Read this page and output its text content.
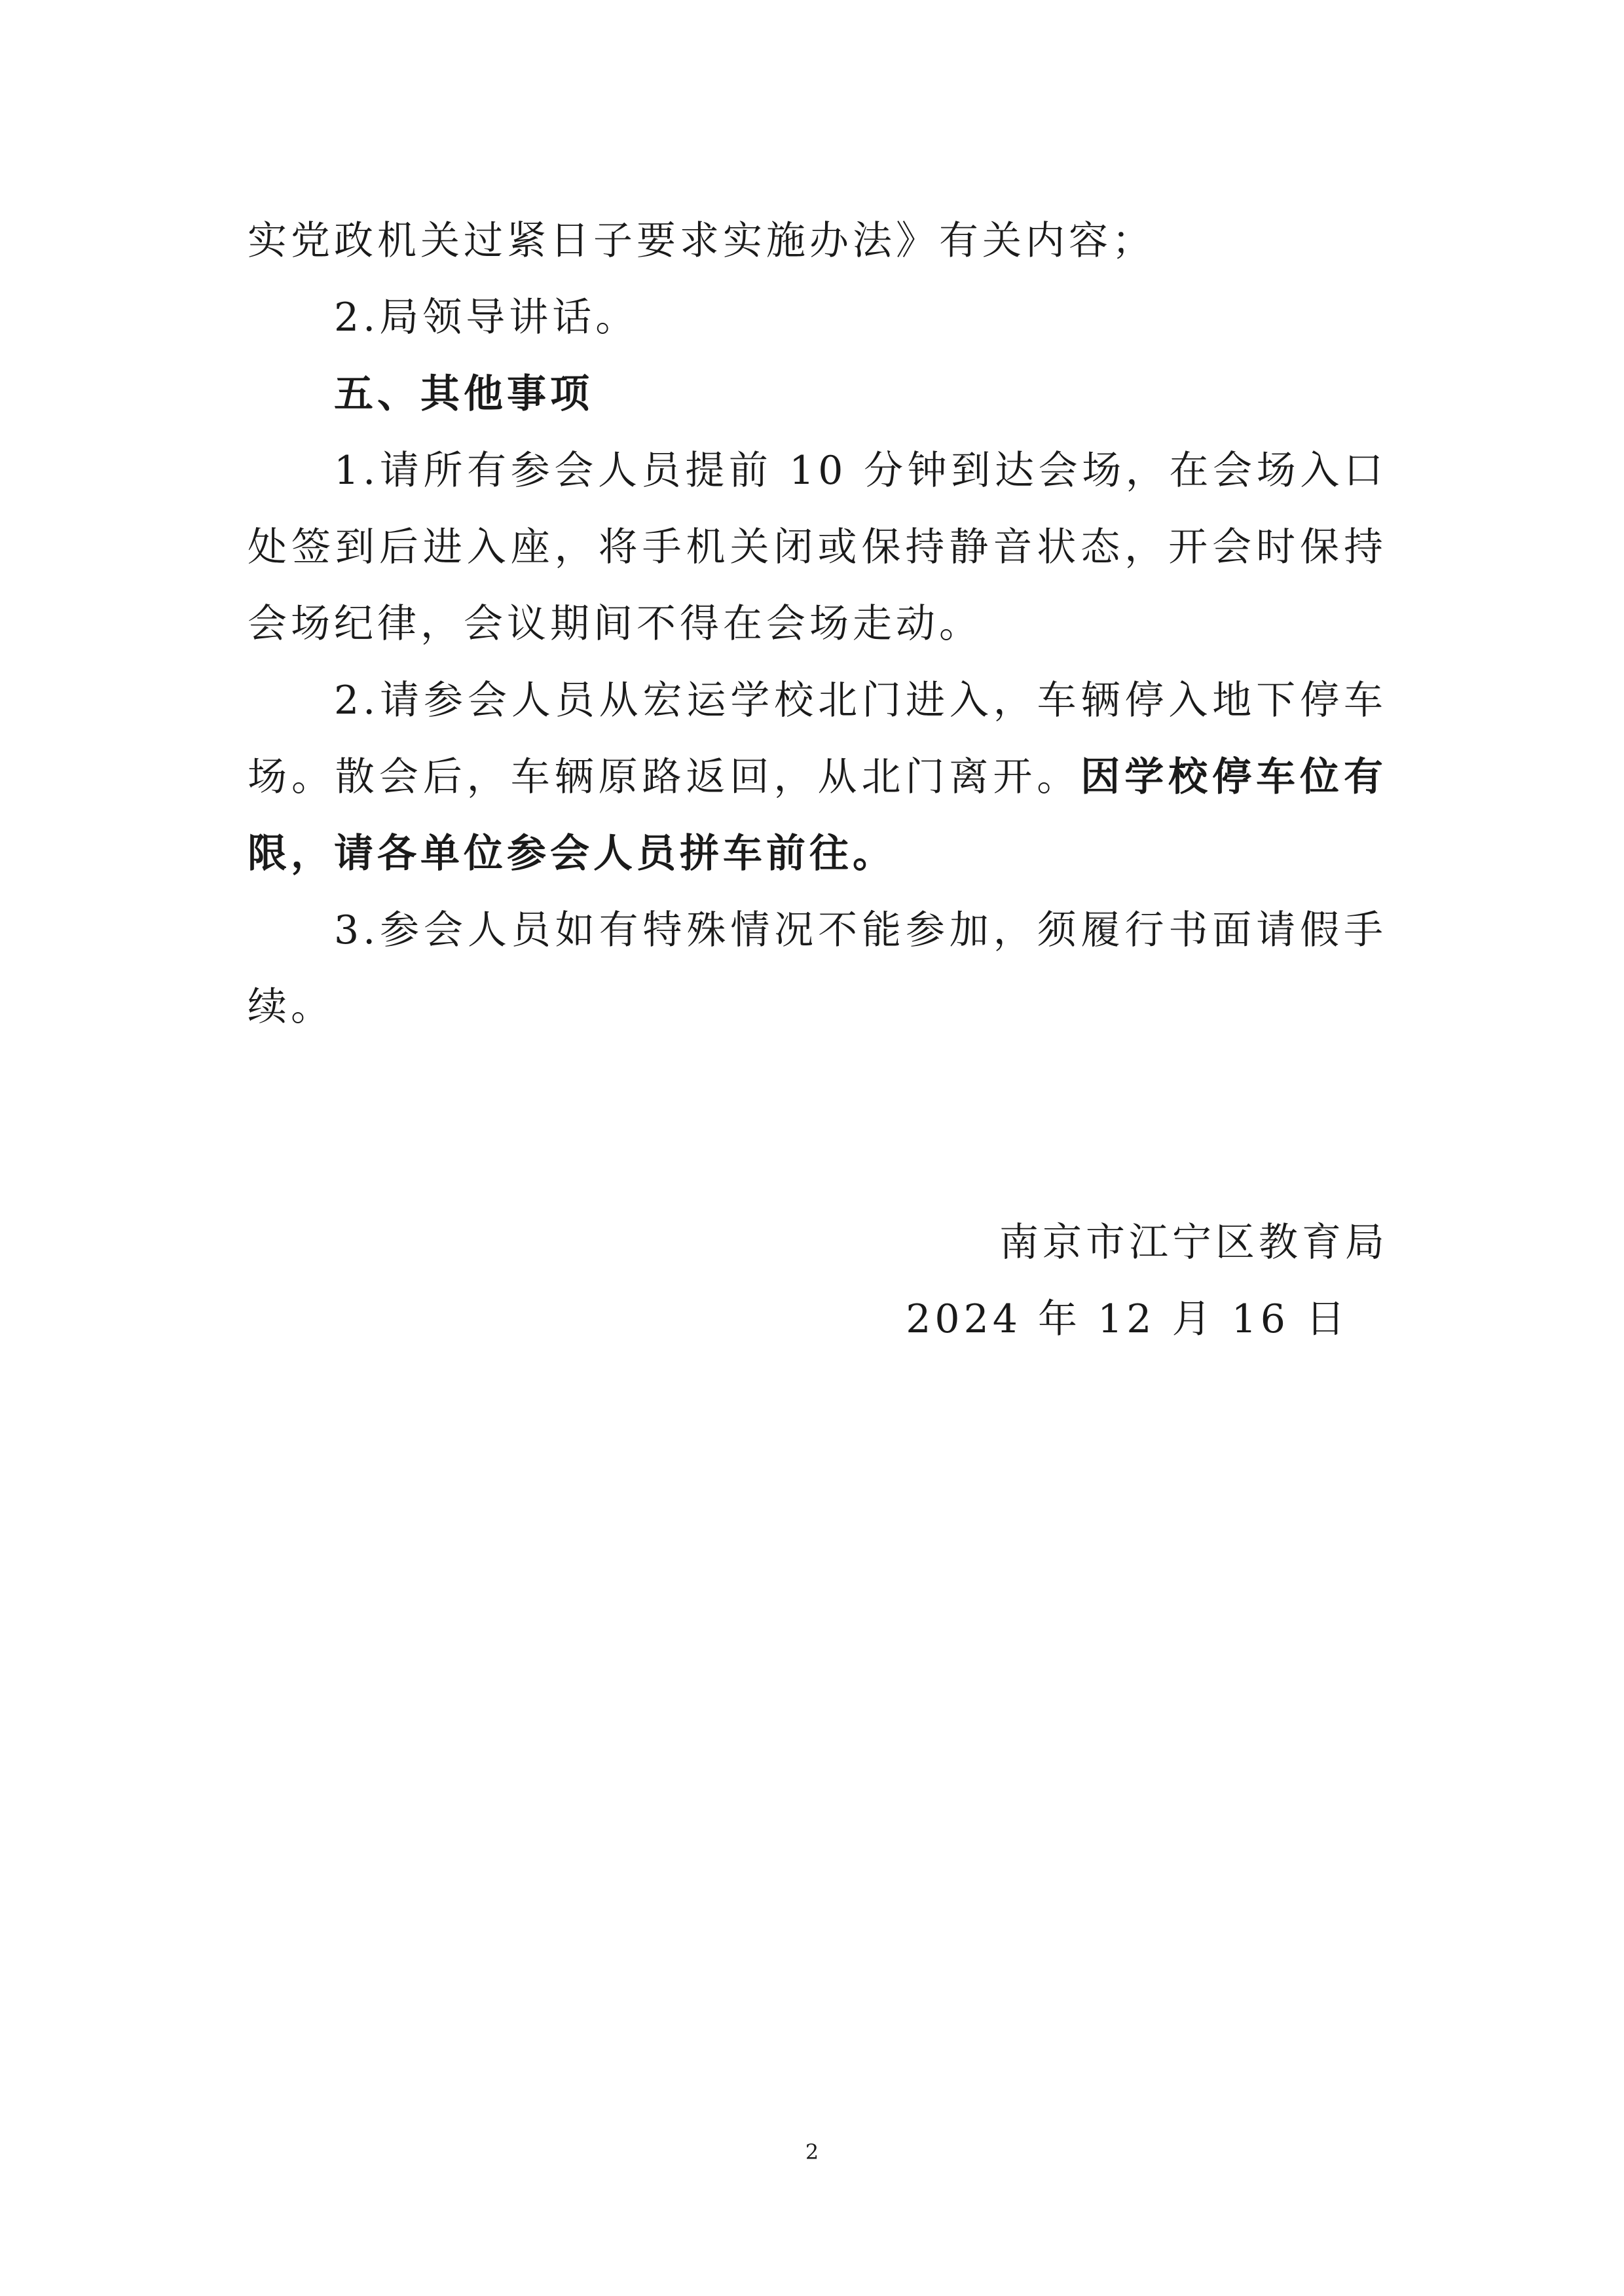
实党政机关过紧日子要求实施办法》有关内容；

2.局领导讲话。

五、其他事项

1.请所有参会人员提前 10 分钟到达会场，在会场入口处签到后进入座，将手机关闭或保持静音状态，开会时保持会场纪律，会议期间不得在会场走动。

2.请参会人员从宏运学校北门进入，车辆停入地下停车场。散会后，车辆原路返回，从北门离开。因学校停车位有限，请各单位参会人员拼车前往。

3.参会人员如有特殊情况不能参加，须履行书面请假手续。

南京市江宁区教育局

2024 年 12 月 16 日

2
